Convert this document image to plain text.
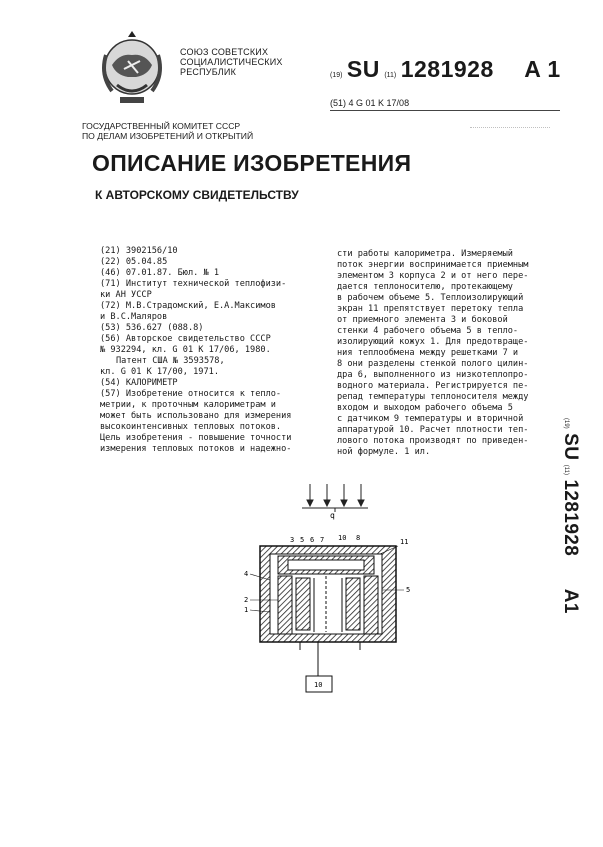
СОЮЗ СОВЕТСКИХ
СОЦИАЛИСТИЧЕСКИХ
РЕСПУБЛИК	(19) SU (11) 1281928 A 1
(51) 4 G 01 K 17/08
ГОСУДАРСТВЕННЫЙ КОМИТЕТ СССР
ПО ДЕЛАМ ИЗОБРЕТЕНИЙ И ОТКРЫТИЙ
ОПИСАНИЕ ИЗОБРЕТЕНИЯ
К АВТОРСКОМУ СВИДЕТЕЛЬСТВУ
(21) 3902156/10
(22) 05.04.85
(46) 07.01.87. Бюл. № 1
(71) Институт технической теплофизи-
ки АН УССР
(72) М.В.Страдомский, Е.А.Максимов
и В.С.Маляров
(53) 536.627 (088.8)
(56) Авторское свидетельство СССР
№ 932294, кл. G 01 K 17/06, 1980.
Патент США № 3593578,
кл. G 01 K 17/00, 1971.
(54) КАЛОРИМЕТР
(57) Изобретение относится к тепло-
метрии, к проточным калориметрам и
может быть использовано для измерения
высокоинтенсивных тепловых потоков.
Цель изобретения - повышение точности
измерения тепловых потоков и надежно-
сти работы калориметра. Измеряемый
поток энергии воспринимается приемным
элементом 3 корпуса 2 и от него пере-
дается теплоносителю, протекающему
в рабочем объеме 5. Теплоизолирующий
экран 11 препятствует перетоку тепла
от приемного элемента 3 и боковой
стенки 4 рабочего объема 5 в тепло-
изолирующий кожух 1. Для предотвраще-
ния теплообмена между решетками 7 и
8 они разделены стенкой полого цилин-
дра 6, выполненного из низкотеплопро-
водного материала. Регистрируется пе-
репад температуры теплоносителя между
входом и выходом рабочего объема 5
с датчиком 9 температуры и вторичной
аппаратурой 10. Расчет плотности теп-
лового потока производят по приведен-
ной формуле. 1 ил.
(19) SU (11) 1281928 A1
q
3 5 6 7 10 8	11
4
2
1
5
10
